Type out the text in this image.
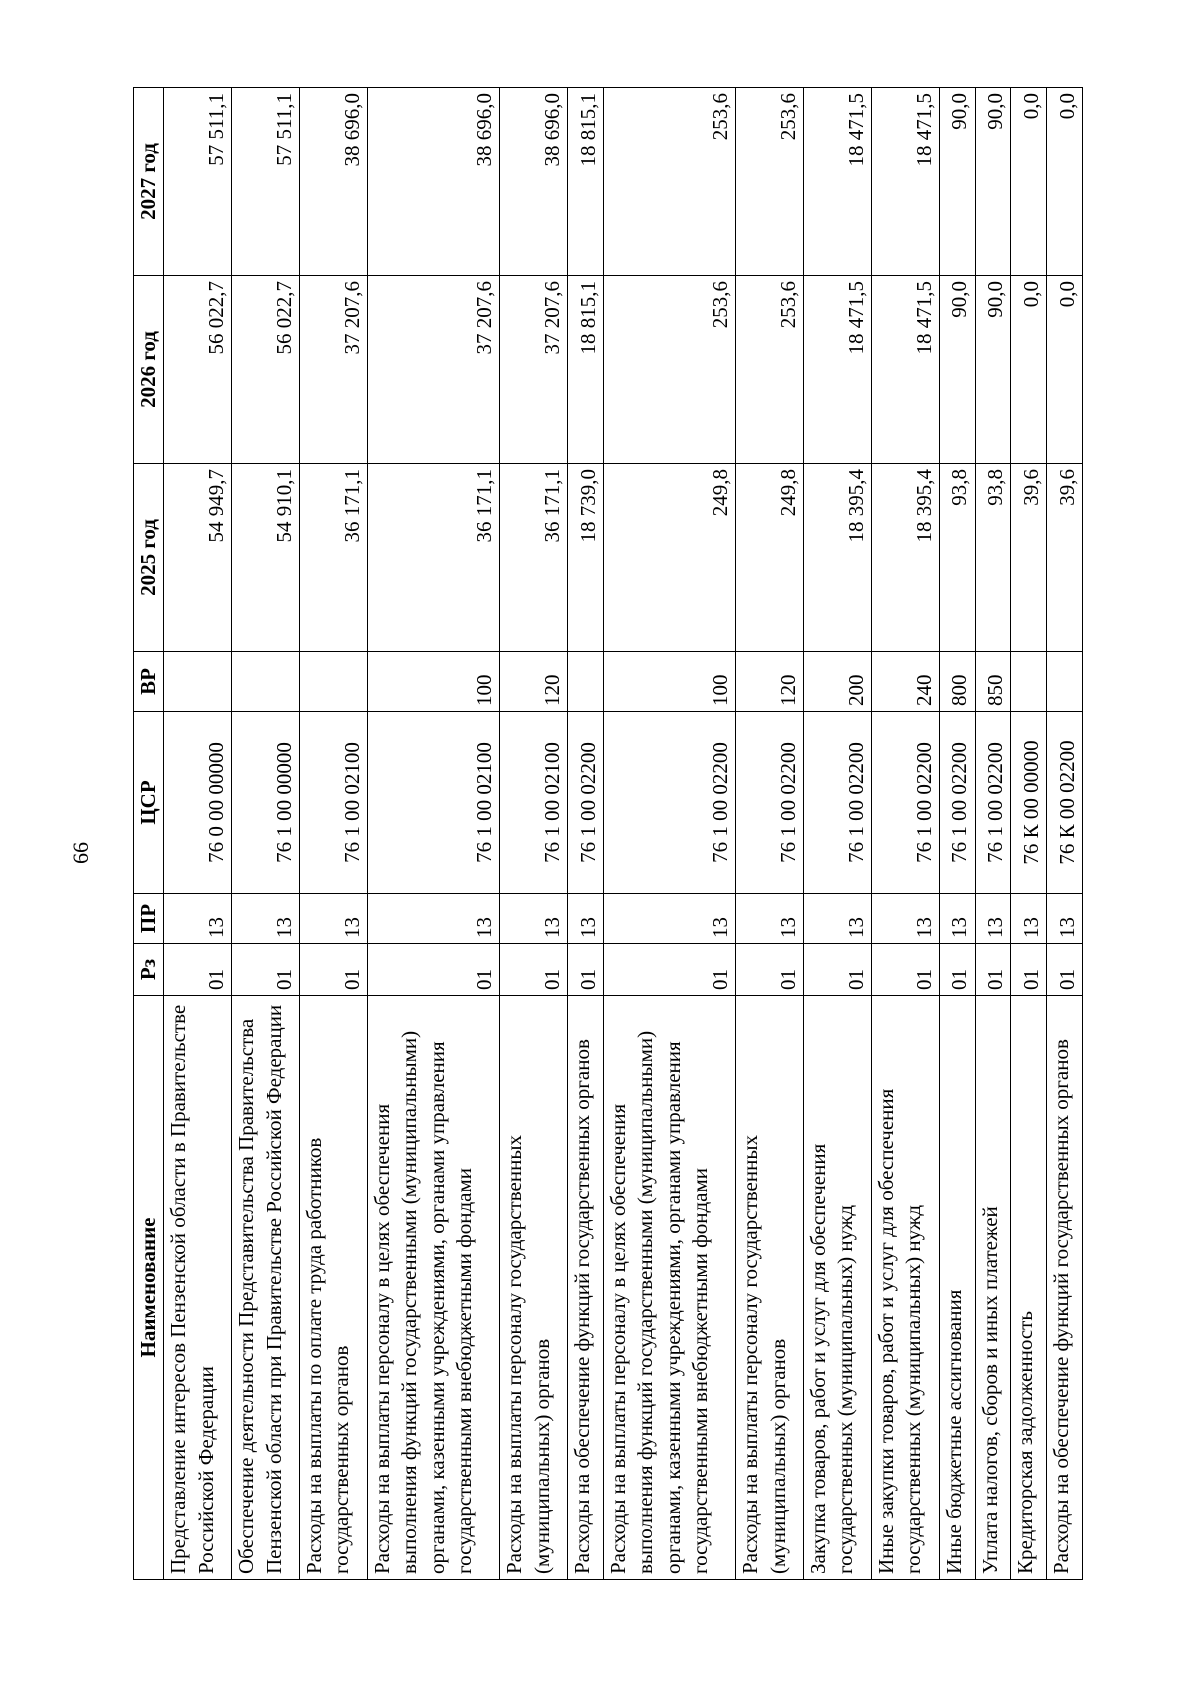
66
Наименование	Рз	ПР	ЦСР	ВР	2025 год	2026 год	2027 год
Представление интересов Пензенской области в Правительстве Российской Федерации	01	13	76 0 00 00000		54 949,7	56 022,7	57 511,1
Обеспечение деятельности Представительства Правительства Пензенской области при Правительстве Российской Федерации	01	13	76 1 00 00000		54 910,1	56 022,7	57 511,1
Расходы на выплаты по оплате труда работников государственных органов	01	13	76 1 00 02100		36 171,1	37 207,6	38 696,0
Расходы на выплаты персоналу в целях обеспечения выполнения функций государственными (муниципальными) органами, казенными учреждениями, органами управления государственными внебюджетными фондами	01	13	76 1 00 02100	100	36 171,1	37 207,6	38 696,0
Расходы на выплаты персоналу государственных (муниципальных) органов	01	13	76 1 00 02100	120	36 171,1	37 207,6	38 696,0
Расходы на обеспечение функций государственных органов	01	13	76 1 00 02200		18 739,0	18 815,1	18 815,1
Расходы на выплаты персоналу в целях обеспечения выполнения функций государственными (муниципальными) органами, казенными учреждениями, органами управления государственными внебюджетными фондами	01	13	76 1 00 02200	100	249,8	253,6	253,6
Расходы на выплаты персоналу государственных (муниципальных) органов	01	13	76 1 00 02200	120	249,8	253,6	253,6
Закупка товаров, работ и услуг для обеспечения государственных (муниципальных) нужд	01	13	76 1 00 02200	200	18 395,4	18 471,5	18 471,5
Иные закупки товаров, работ и услуг для обеспечения государственных (муниципальных) нужд	01	13	76 1 00 02200	240	18 395,4	18 471,5	18 471,5
Иные бюджетные ассигнования	01	13	76 1 00 02200	800	93,8	90,0	90,0
Уплата налогов, сборов и иных платежей	01	13	76 1 00 02200	850	93,8	90,0	90,0
Кредиторская задолженность	01	13	76 К 00 00000		39,6	0,0	0,0
Расходы на обеспечение функций государственных органов	01	13	76 К 00 02200		39,6	0,0	0,0
